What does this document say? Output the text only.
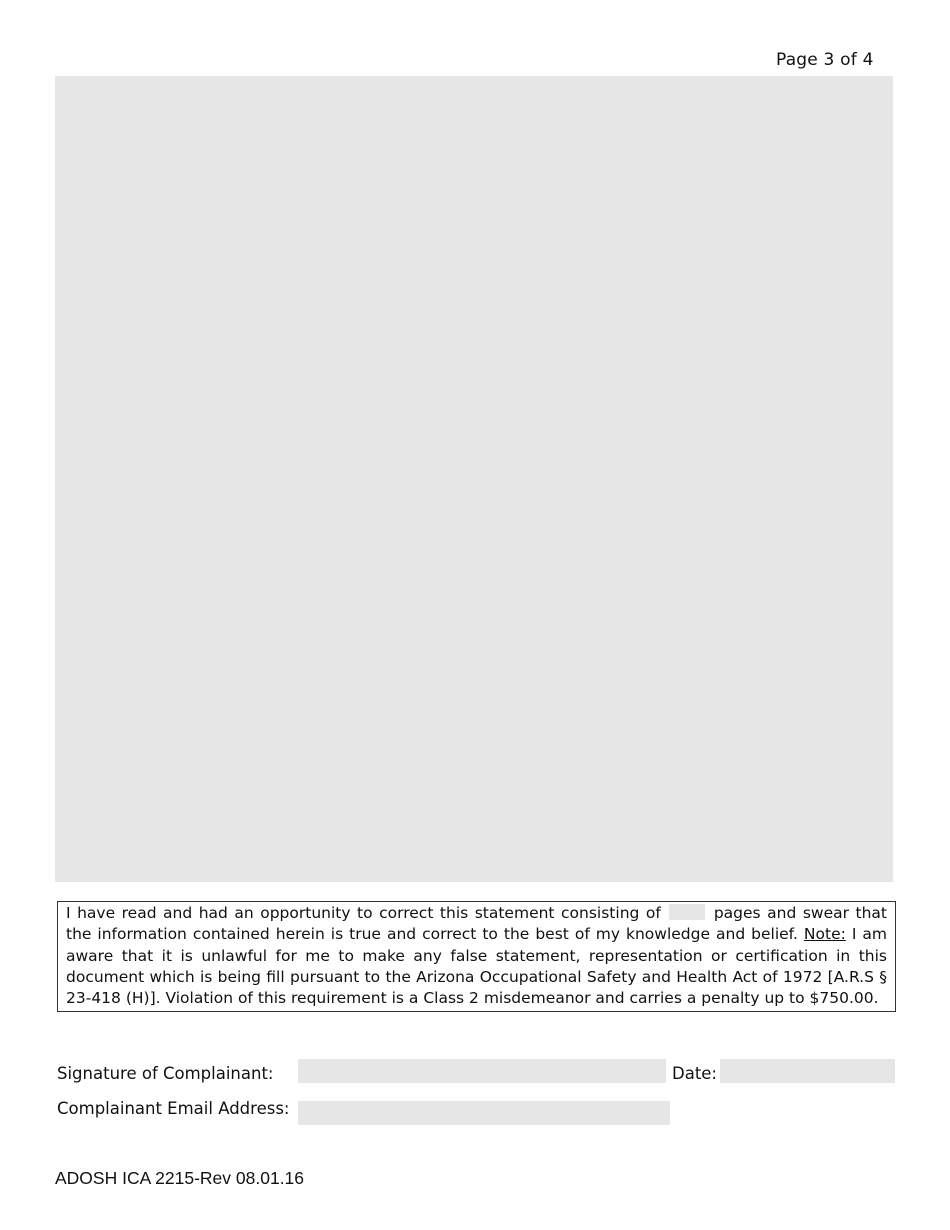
Page 3 of 4

I have read and had an opportunity to correct this statement consisting of	pages and swear that the information contained herein is true and correct to the best of my knowledge and belief. Note: I am aware that it is unlawful for me to make any false statement, representation or certification in this document which is being fill pursuant to the Arizona Occupational Safety and Health Act of 1972 [A.R.S § 23-418 (H)]. Violation of this requirement is a Class 2 misdemeanor and carries a penalty up to $750.00.

Signature of Complainant:	Date:
Complainant Email Address:
ADOSH ICA 2215-Rev 08.01.16
